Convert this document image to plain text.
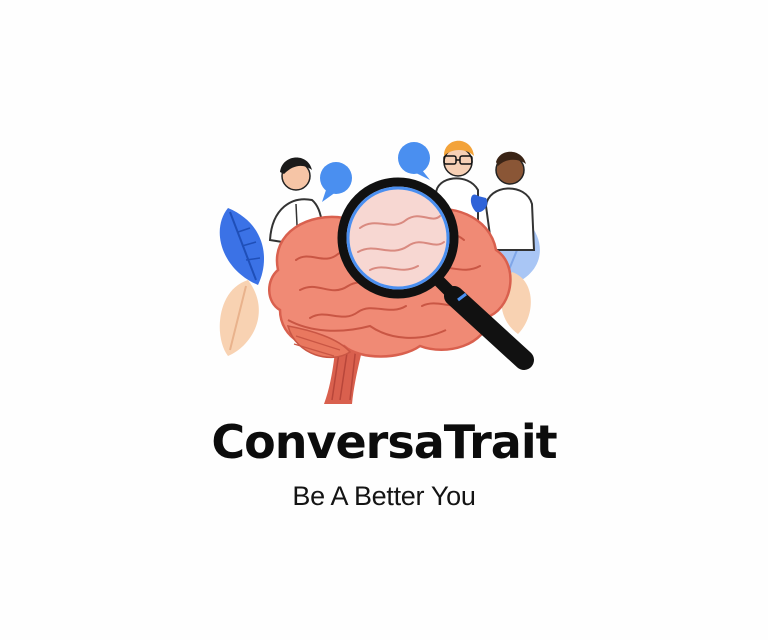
ConversaTrait
Be A Better You
